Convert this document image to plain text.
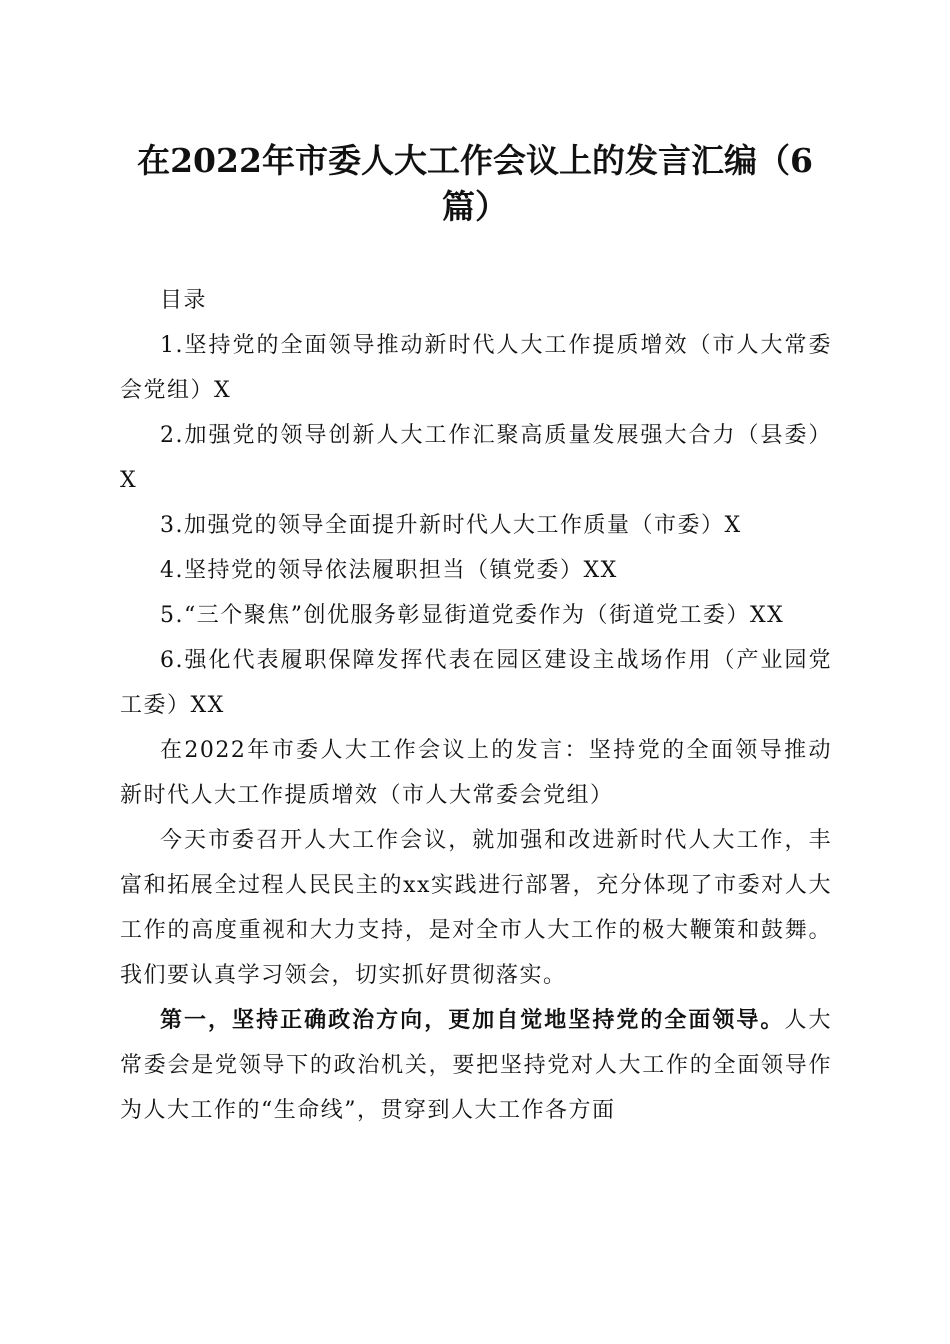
在2022年市委人大工作会议上的发言汇编（6篇）

目录

1.坚持党的全面领导推动新时代人大工作提质增效（市人大常委会党组）X

2.加强党的领导创新人大工作汇聚高质量发展强大合力（县委）X

3.加强党的领导全面提升新时代人大工作质量（市委）X

4.坚持党的领导依法履职担当（镇党委）XX

5.“三个聚焦”创优服务彰显街道党委作为（街道党工委）XX

6.强化代表履职保障发挥代表在园区建设主战场作用（产业园党工委）XX

在2022年市委人大工作会议上的发言：坚持党的全面领导推动新时代人大工作提质增效（市人大常委会党组）

今天市委召开人大工作会议，就加强和改进新时代人大工作，丰富和拓展全过程人民民主的xx实践进行部署，充分体现了市委对人大工作的高度重视和大力支持，是对全市人大工作的极大鞭策和鼓舞。我们要认真学习领会，切实抓好贯彻落实。

第一，坚持正确政治方向，更加自觉地坚持党的全面领导。人大常委会是党领导下的政治机关，要把坚持党对人大工作的全面领导作为人大工作的“生命线”，贯穿到人大工作各方面
